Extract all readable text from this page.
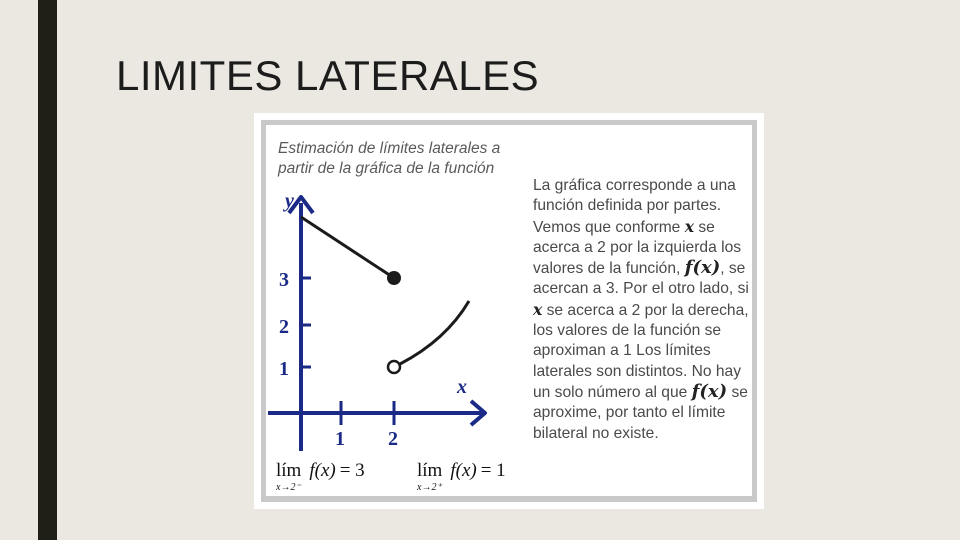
LIMITES LATERALES
Estimación de límites laterales a
partir de la gráfica de la función
y
x
1
2
3
1 2
lím f(x) = 3
x→2⁻
lím f(x) = 1
x→2⁺
La gráfica corresponde a una función definida por partes. Vemos que conforme x se acerca a 2 por la izquierda los valores de la función, f(x), se acercan a 3. Por el otro lado, si x se acerca a 2 por la derecha, los valores de la función se aproximan a 1 Los límites laterales son distintos. No hay un solo número al que f(x) se aproxime, por tanto el límite bilateral no existe.
